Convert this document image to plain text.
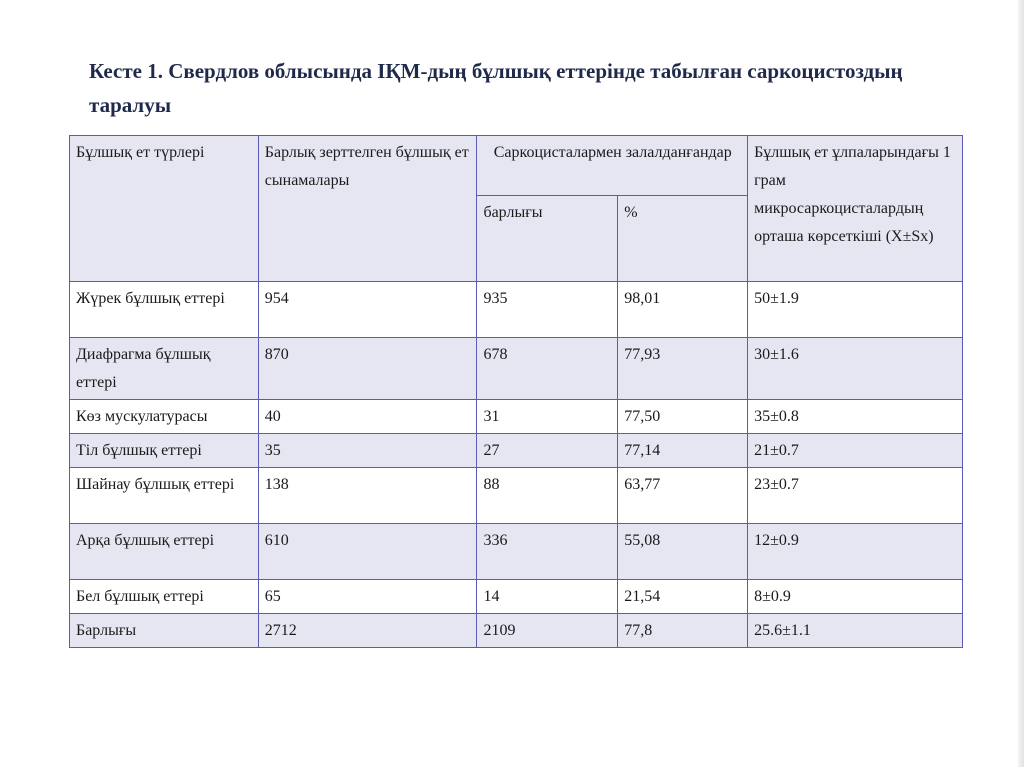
Кесте 1. Свердлов облысында ІҚМ-дың бұлшық еттерінде табылған саркоцистоздың таралуы
Бұлшық ет түрлері	Барлық зерттелген бұлшық ет сынамалары	Саркоцисталармен залалданғандар		Бұлшық ет ұлпаларындағы 1 грам микросаркоцисталардың орташа көрсеткіші (X±Sx)
		барлығы	%	
Жүрек бұлшық еттері	954	935	98,01	50±1.9
Диафрагма бұлшық еттері	870	678	77,93	30±1.6
Көз мускулатурасы	40	31	77,50	35±0.8
Тіл бұлшық еттері	35	27	77,14	21±0.7
Шайнау бұлшық еттері	138	88	63,77	23±0.7
Арқа бұлшық еттері	610	336	55,08	12±0.9
Бел бұлшық еттері	65	14	21,54	8±0.9
Барлығы	2712	2109	77,8	25.6±1.1
